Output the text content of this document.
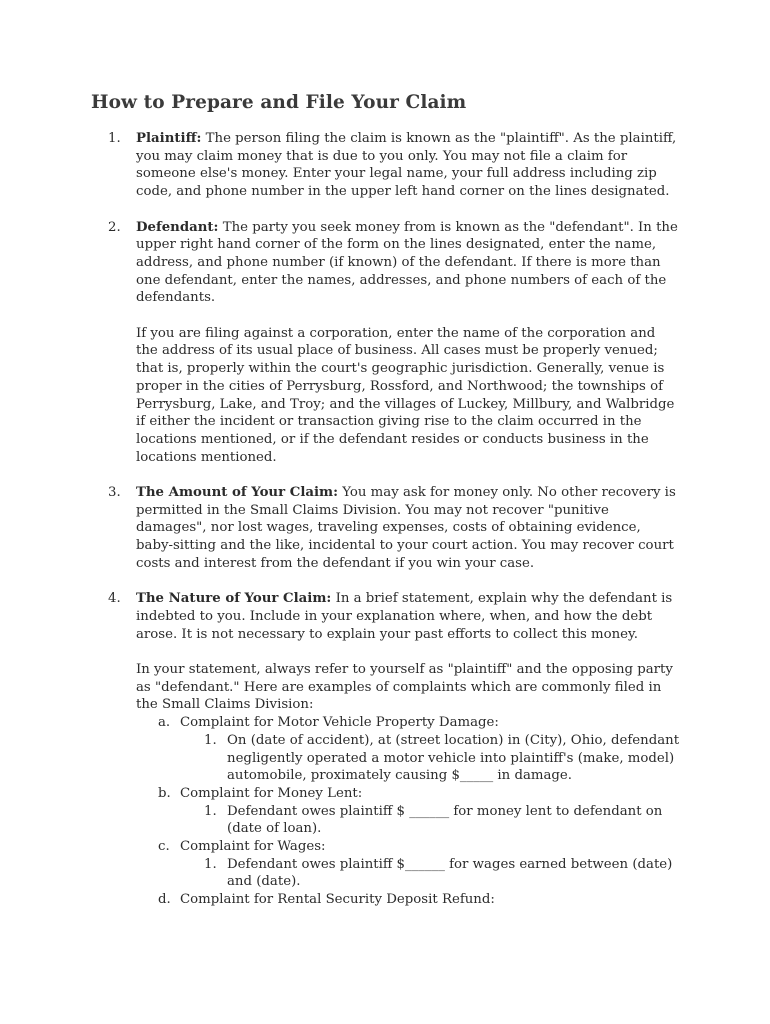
How to Prepare and File Your Claim
1. Plaintiff: The person filing the claim is known as the "plaintiff". As the plaintiff, you may claim money that is due to you only. You may not file a claim for someone else's money. Enter your legal name, your full address including zip code, and phone number in the upper left hand corner on the lines designated.

2. Defendant: The party you seek money from is known as the "defendant". In the upper right hand corner of the form on the lines designated, enter the name, address, and phone number (if known) of the defendant. If there is more than one defendant, enter the names, addresses, and phone numbers of each of the defendants.

If you are filing against a corporation, enter the name of the corporation and the address of its usual place of business. All cases must be properly venued; that is, properly within the court's geographic jurisdiction. Generally, venue is proper in the cities of Perrysburg, Rossford, and Northwood; the townships of Perrysburg, Lake, and Troy; and the villages of Luckey, Millbury, and Walbridge if either the incident or transaction giving rise to the claim occurred in the locations mentioned, or if the defendant resides or conducts business in the locations mentioned.

3. The Amount of Your Claim: You may ask for money only. No other recovery is permitted in the Small Claims Division. You may not recover "punitive damages", nor lost wages, traveling expenses, costs of obtaining evidence, baby-sitting and the like, incidental to your court action. You may recover court costs and interest from the defendant if you win your case.

4. The Nature of Your Claim: In a brief statement, explain why the defendant is indebted to you. Include in your explanation where, when, and how the debt arose. It is not necessary to explain your past efforts to collect this money.

In your statement, always refer to yourself as "plaintiff" and the opposing party as "defendant." Here are examples of complaints which are commonly filed in the Small Claims Division:

a. Complaint for Motor Vehicle Property Damage:
1. On (date of accident), at (street location) in (City), Ohio, defendant negligently operated a motor vehicle into plaintiff's (make, model) automobile, proximately causing $_____ in damage.
b. Complaint for Money Lent:
1. Defendant owes plaintiff $ ______ for money lent to defendant on (date of loan).
c. Complaint for Wages:
1. Defendant owes plaintiff $______ for wages earned between (date) and (date).
d. Complaint for Rental Security Deposit Refund:
